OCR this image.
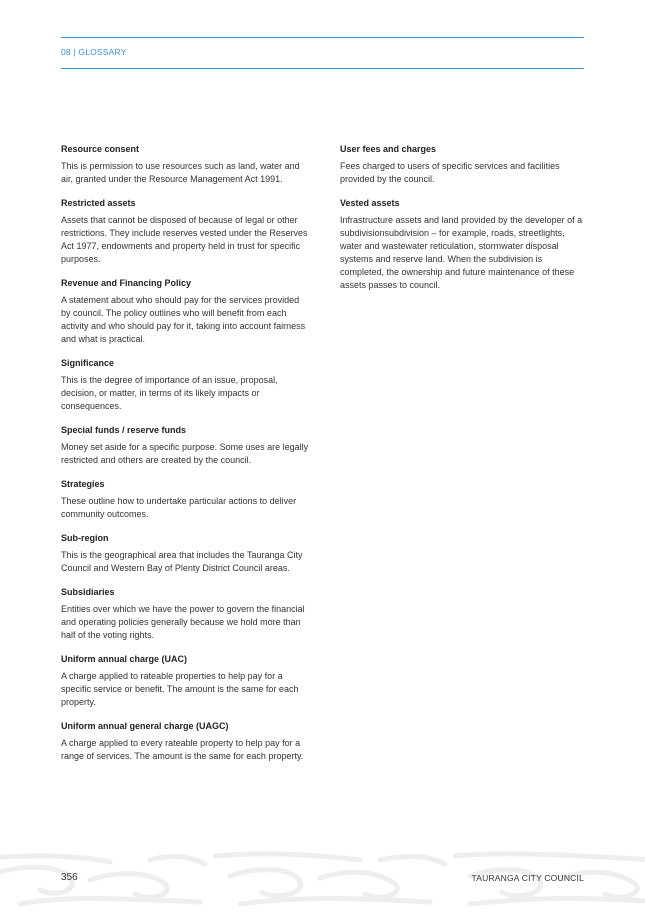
08 | GLOSSARY
Resource consent
This is permission to use resources such as land, water and air, granted under the Resource Management Act 1991.
Restricted assets
Assets that cannot be disposed of because of legal or other restrictions. They include reserves vested under the Reserves Act 1977, endowments and property held in trust for specific purposes.
Revenue and Financing Policy
A statement about who should pay for the services provided by council. The policy outlines who will benefit from each activity and who should pay for it, taking into account fairness and what is practical.
Significance
This is the degree of importance of an issue, proposal, decision, or matter, in terms of its likely impacts or consequences.
Special funds / reserve funds
Money set aside for a specific purpose. Some uses are legally restricted and others are created by the council.
Strategies
These outline how to undertake particular actions to deliver community outcomes.
Sub-region
This is the geographical area that includes the Tauranga City Council and Western Bay of Plenty District Council areas.
Subsidiaries
Entities over which we have the power to govern the financial and operating policies generally because we hold more than half of the voting rights.
Uniform annual charge (UAC)
A charge applied to rateable properties to help pay for a specific service or benefit. The amount is the same for each property.
Uniform annual general charge (UAGC)
A charge applied to every rateable property to help pay for a range of services. The amount is the same for each property.
User fees and charges
Fees charged to users of specific services and facilities provided by the council.
Vested assets
Infrastructure assets and land provided by the developer of a subdivisionsubdivision – for example, roads, streetlights, water and wastewater reticulation, stormwater disposal systems and reserve land. When the subdivision is completed, the ownership and future maintenance of these assets passes to council.
356	TAURANGA CITY COUNCIL
